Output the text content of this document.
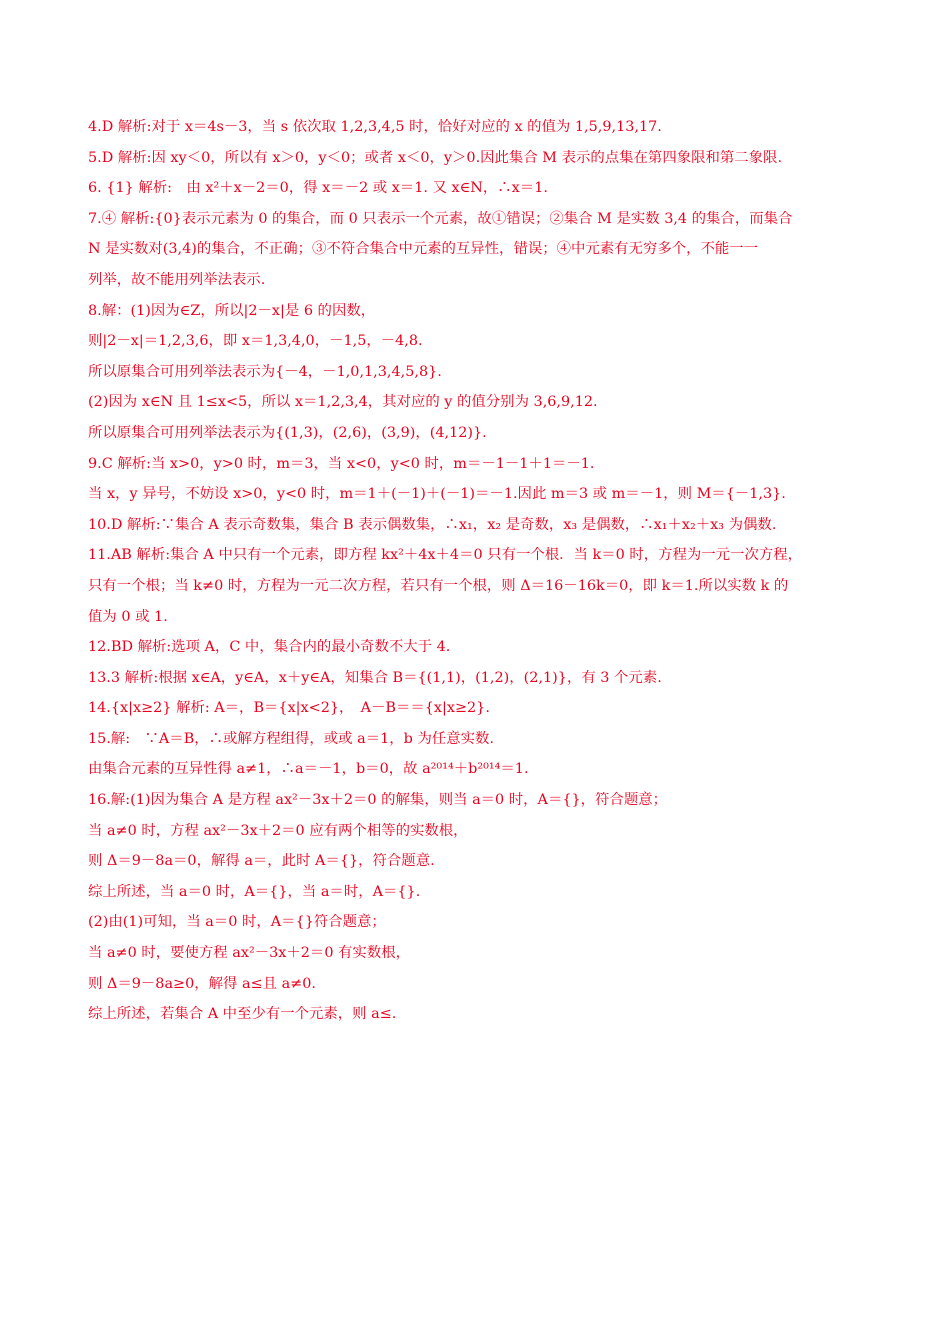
4.D 解析:对于 x＝4s－3，当 s 依次取 1,2,3,4,5 时，恰好对应的 x 的值为 1,5,9,13,17.
5.D 解析:因 xy＜0，所以有 x＞0，y＜0；或者 x＜0，y＞0.因此集合 M 表示的点集在第四象限和第二象限.
6. {1} 解析:　由 x²＋x－2＝0，得 x＝－2 或 x＝1. 又 x∈N，∴x＝1.
7.④ 解析:{0}表示元素为 0 的集合，而 0 只表示一个元素，故①错误；②集合 M 是实数 3,4 的集合，而集合
N 是实数对(3,4)的集合，不正确；③不符合集合中元素的互异性，错误；④中元素有无穷多个，不能一一
列举，故不能用列举法表示.
8.解：(1)因为∈Z，所以|2－x|是 6 的因数，
则|2－x|＝1,2,3,6，即 x＝1,3,4,0，－1,5，－4,8.
所以原集合可用列举法表示为{－4，－1,0,1,3,4,5,8}.
(2)因为 x∈N 且 1≤x<5，所以 x＝1,2,3,4，其对应的 y 的值分别为 3,6,9,12.
所以原集合可用列举法表示为{(1,3)，(2,6)，(3,9)，(4,12)}.
9.C 解析:当 x>0，y>0 时，m＝3，当 x<0，y<0 时，m＝－1－1＋1＝－1.
当 x，y 异号，不妨设 x>0，y<0 时，m＝1＋(－1)＋(－1)＝－1.因此 m＝3 或 m＝－1，则 M＝{－1,3}.
10.D 解析:∵集合 A 表示奇数集，集合 B 表示偶数集，∴x₁，x₂ 是奇数，x₃ 是偶数，∴x₁＋x₂＋x₃ 为偶数.
11.AB 解析:集合 A 中只有一个元素，即方程 kx²＋4x＋4＝0 只有一个根．当 k＝0 时，方程为一元一次方程，
只有一个根；当 k≠0 时，方程为一元二次方程，若只有一个根，则 Δ＝16－16k＝0，即 k＝1.所以实数 k 的
值为 0 或 1.
12.BD 解析:选项 A，C 中，集合内的最小奇数不大于 4.
13.3 解析:根据 x∈A，y∈A，x＋y∈A，知集合 B＝{(1,1)，(1,2)，(2,1)}，有 3 个元素.
14.{x|x≥2} 解析: A＝，B＝{x|x<2}，　A－B＝＝{x|x≥2}.
15.解:　∵A＝B，∴或解方程组得，或或 a＝1，b 为任意实数.
由集合元素的互异性得 a≠1，∴a＝－1，b＝0，故 a²⁰¹⁴＋b²⁰¹⁴＝1.
16.解:(1)因为集合 A 是方程 ax²－3x＋2＝0 的解集，则当 a＝0 时，A＝{}，符合题意；
当 a≠0 时，方程 ax²－3x＋2＝0 应有两个相等的实数根，
则 Δ＝9－8a＝0，解得 a＝，此时 A＝{}，符合题意.
综上所述，当 a＝0 时，A＝{}，当 a＝时，A＝{}.
(2)由(1)可知，当 a＝0 时，A＝{}符合题意；
当 a≠0 时，要使方程 ax²－3x＋2＝0 有实数根，
则 Δ＝9－8a≥0，解得 a≤且 a≠0.
综上所述，若集合 A 中至少有一个元素，则 a≤.
